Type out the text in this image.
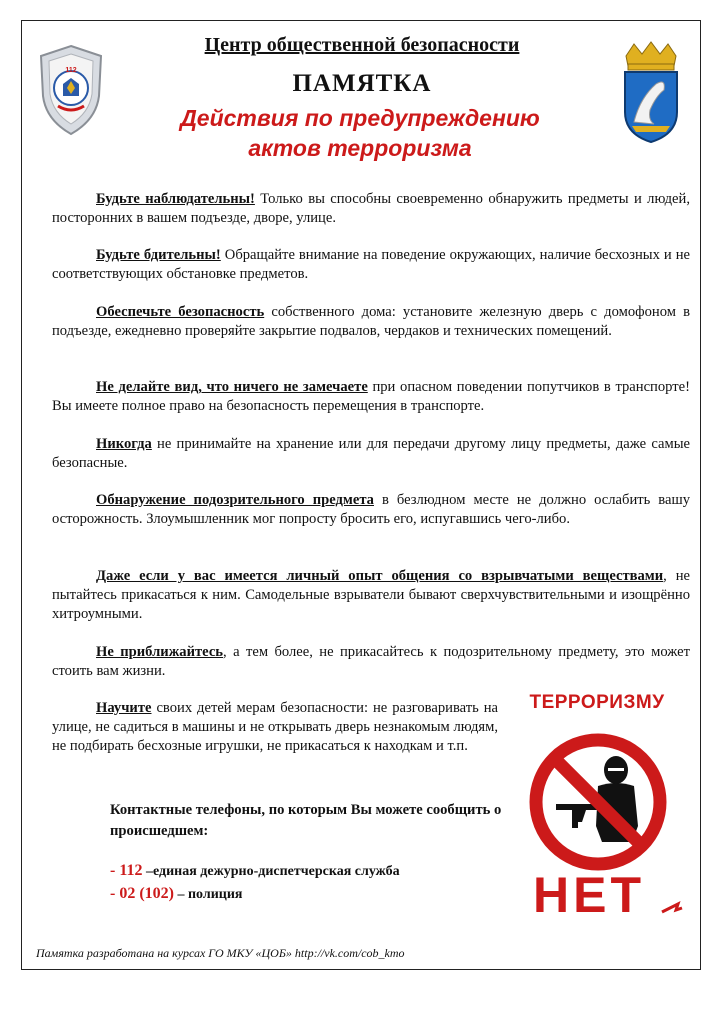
112
Центр общественной безопасности
ПАМЯТКА
Действия по предупреждению
актов терроризма

Будьте наблюдательны! Только вы способны своевременно обнаружить предметы и людей, посторонних в вашем подъезде, дворе, улице.

Будьте бдительны! Обращайте внимание на поведение окружающих, наличие бесхозных и не соответствующих обстановке предметов.

Обеспечьте безопасность собственного дома: установите железную дверь с домофоном в подъезде, ежедневно проверяйте закрытие подвалов, чердаков и технических помещений.

Не делайте вид, что ничего не замечаете при опасном поведении попутчиков в транспорте! Вы имеете полное право на безопасность перемещения в транспорте.

Никогда не принимайте на хранение или для передачи другому лицу предметы, даже самые безопасные.

Обнаружение подозрительного предмета в безлюдном месте не должно ослабить вашу осторожность. Злоумышленник мог попросту бросить его, испугавшись чего-либо.

Даже если у вас имеется личный опыт общения со взрывчатыми веществами, не пытайтесь прикасаться к ним. Самодельные взрыватели бывают сверхчувствительными и изощрённо хитроумными.

Не приближайтесь, а тем более, не прикасайтесь к подозрительному предмету, это может стоить вам жизни.

Научите своих детей мерам безопасности: не разговаривать на улице, не садиться в машины и не открывать дверь незнакомым людям, не подбирать бесхозные игрушки, не прикасаться к находкам и т.п.

Контактные телефоны, по которым Вы можете сообщить о происшедшем:
- 112 –единая дежурно-диспетчерская служба
- 02 (102) – полиция
ТЕРРОРИЗМУ
НЕТ
Памятка разработана на курсах ГО МКУ «ЦОБ» http://vk.com/cob_kmo
